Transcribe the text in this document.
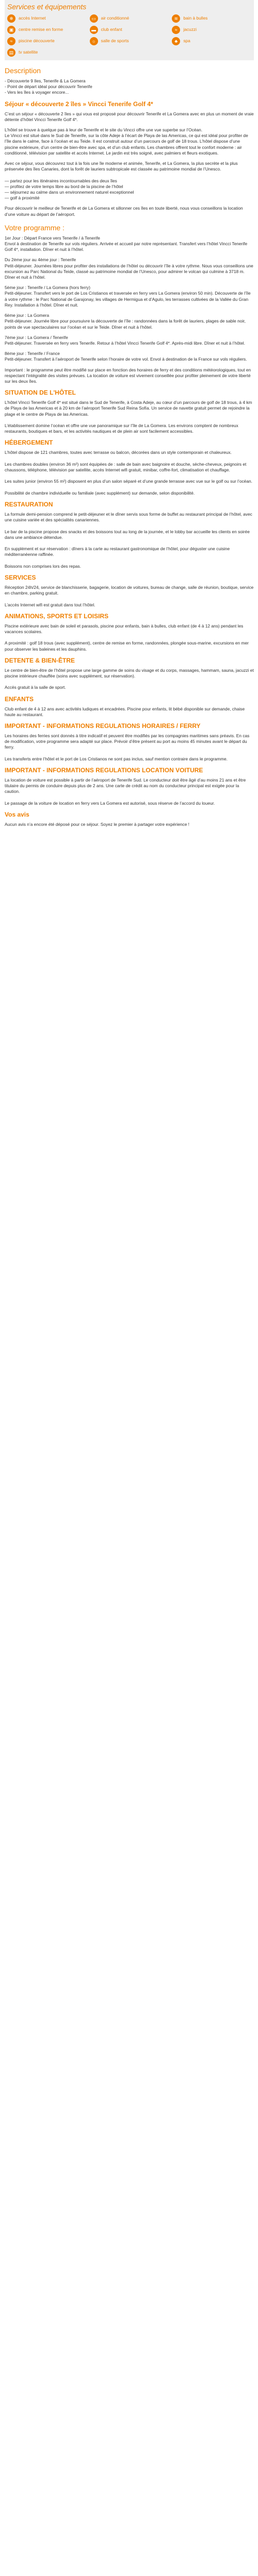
Services et équipements
❄	accès Internet	▭	air conditionné	≋	bain à bulles
▣	centre remise en forme	▬	club enfant	≈	jacuzzi
≈	piscine découverte	☼	salle de sports	♣	spa
▤	tv satellite
Description

- Découverte 9 Iles, Tenerife & La Gomera
- Point de départ idéal pour découvrir Tenerife
- Vers les îles à voyager encore...

Séjour « découverte 2 îles » Vincci Tenerife Golf 4*

C’est un séjour « découverte 2 îles » qui vous est proposé pour découvrir Tenerife et La Gomera avec en plus un moment de vraie détente d’hôtel Vincci Tenerife Golf 4*.

L’hôtel se trouve à quelque pas à leur de Tenerife et le site du Vincci offre une vue superbe sur l’Océan.
Le Vincci est situé dans le Sud de Tenerife, sur la côte Adeje à l’écart de Playa de las Americas, ce qui est idéal pour profiter de l’île dans le calme, face à l’océan et au Teide. Il est construit autour d’un parcours de golf de 18 trous. L’hôtel dispose d’une piscine extérieure, d’un centre de bien-être avec spa, et d’un club enfants. Les chambres offrent tout le confort moderne : air conditionné, télévision par satellite et accès Internet. Le jardin est très soigné, avec palmiers et fleurs exotiques.

Avec ce séjour, vous découvrez tout à la fois une île moderne et animée, Tenerife, et La Gomera, la plus secrète et la plus préservée des îles Canaries, dont la forêt de lauriers subtropicale est classée au patrimoine mondial de l’Unesco.

— partez pour les itinéraires incontournables des deux îles
— profitez de votre temps libre au bord de la piscine de l’hôtel
— séjournez au calme dans un environnement naturel exceptionnel
— golf à proximité

Pour découvrir le meilleur de Tenerife et de La Gomera et sillonner ces îles en toute liberté, nous vous conseillons la location d’une voiture au départ de l’aéroport.

Votre programme :

1er Jour : Départ France vers Tenerife / à Tenerife
Envol à destination de Tenerife sur vols réguliers. Arrivée et accueil par notre représentant. Transfert vers l’hôtel Vincci Tenerife Golf 4*, installation. Dîner et nuit à l’hôtel.

Du 2ème jour au 4ème jour : Tenerife
Petit-déjeuner. Journées libres pour profiter des installations de l’hôtel ou découvrir l’île à votre rythme. Nous vous conseillons une excursion au Parc National du Teide, classé au patrimoine mondial de l’Unesco, pour admirer le volcan qui culmine à 3718 m. Dîner et nuit à l’hôtel.

5ème jour : Tenerife / La Gomera (hors ferry)
Petit-déjeuner. Transfert vers le port de Los Cristianos et traversée en ferry vers La Gomera (environ 50 min). Découverte de l’île à votre rythme : le Parc National de Garajonay, les villages de Hermigua et d’Agulo, les terrasses cultivées de la Vallée du Gran Rey. Installation à l’hôtel. Dîner et nuit.

6ème jour : La Gomera
Petit-déjeuner. Journée libre pour poursuivre la découverte de l’île : randonnées dans la forêt de lauriers, plages de sable noir, points de vue spectaculaires sur l’océan et sur le Teide. Dîner et nuit à l’hôtel.

7ème jour : La Gomera / Tenerife
Petit-déjeuner. Traversée en ferry vers Tenerife. Retour à l’hôtel Vincci Tenerife Golf 4*. Après-midi libre. Dîner et nuit à l’hôtel.

8ème jour : Tenerife / France
Petit-déjeuner. Transfert à l’aéroport de Tenerife selon l’horaire de votre vol. Envol à destination de la France sur vols réguliers.

Important : le programme peut être modifié sur place en fonction des horaires de ferry et des conditions météorologiques, tout en respectant l’intégralité des visites prévues. La location de voiture est vivement conseillée pour profiter pleinement de votre liberté sur les deux îles.

SITUATION DE L'HÔTEL

L’hôtel Vincci Tenerife Golf 4* est situé dans le Sud de Tenerife, à Costa Adeje, au cœur d’un parcours de golf de 18 trous, à 4 km de Playa de las Americas et à 20 km de l’aéroport Tenerife Sud Reina Sofía. Un service de navette gratuit permet de rejoindre la plage et le centre de Playa de las Americas.

L’établissement domine l’océan et offre une vue panoramique sur l’île de La Gomera. Les environs comptent de nombreux restaurants, boutiques et bars, et les activités nautiques et de plein air sont facilement accessibles.

HÉBERGEMENT

L’hôtel dispose de 121 chambres, toutes avec terrasse ou balcon, décorées dans un style contemporain et chaleureux.

Les chambres doubles (environ 36 m²) sont équipées de : salle de bain avec baignoire et douche, sèche-cheveux, peignoirs et chaussons, téléphone, télévision par satellite, accès Internet wifi gratuit, minibar, coffre-fort, climatisation et chauffage.

Les suites junior (environ 55 m²) disposent en plus d’un salon séparé et d’une grande terrasse avec vue sur le golf ou sur l’océan.

Possibilité de chambre individuelle ou familiale (avec supplément) sur demande, selon disponibilité.

RESTAURATION

La formule demi-pension comprend le petit-déjeuner et le dîner servis sous forme de buffet au restaurant principal de l’hôtel, avec une cuisine variée et des spécialités canariennes.

Le bar de la piscine propose des snacks et des boissons tout au long de la journée, et le lobby bar accueille les clients en soirée dans une ambiance détendue.

En supplément et sur réservation : dîners à la carte au restaurant gastronomique de l’hôtel, pour déguster une cuisine méditerranéenne raffinée.

Boissons non comprises lors des repas.

SERVICES

Réception 24h/24, service de blanchisserie, bagagerie, location de voitures, bureau de change, salle de réunion, boutique, service en chambre, parking gratuit.

L’accès Internet wifi est gratuit dans tout l’hôtel.

ANIMATIONS, SPORTS ET LOISIRS

Piscine extérieure avec bain de soleil et parasols, piscine pour enfants, bain à bulles, club enfant (de 4 à 12 ans) pendant les vacances scolaires.

A proximité : golf 18 trous (avec supplément), centre de remise en forme, randonnées, plongée sous-marine, excursions en mer pour observer les baleines et les dauphins.

DETENTE & BIEN-ÊTRE

Le centre de bien-être de l’hôtel propose une large gamme de soins du visage et du corps, massages, hammam, sauna, jacuzzi et piscine intérieure chauffée (soins avec supplément, sur réservation).

Accès gratuit à la salle de sport.

ENFANTS

Club enfant de 4 à 12 ans avec activités ludiques et encadrées. Piscine pour enfants, lit bébé disponible sur demande, chaise haute au restaurant.

IMPORTANT - INFORMATIONS REGULATIONS HORAIRES / FERRY

Les horaires des ferries sont donnés à titre indicatif et peuvent être modifiés par les compagnies maritimes sans préavis. En cas de modification, votre programme sera adapté sur place. Prévoir d’être présent au port au moins 45 minutes avant le départ du ferry.

Les transferts entre l’hôtel et le port de Los Cristianos ne sont pas inclus, sauf mention contraire dans le programme.

IMPORTANT - INFORMATIONS REGULATIONS LOCATION VOITURE

La location de voiture est possible à partir de l’aéroport de Tenerife Sud. Le conducteur doit être âgé d’au moins 21 ans et être titulaire du permis de conduire depuis plus de 2 ans. Une carte de crédit au nom du conducteur principal est exigée pour la caution.

Le passage de la voiture de location en ferry vers La Gomera est autorisé, sous réserve de l’accord du loueur.

Vos avis

Aucun avis n’a encore été déposé pour ce séjour. Soyez le premier à partager votre expérience !
